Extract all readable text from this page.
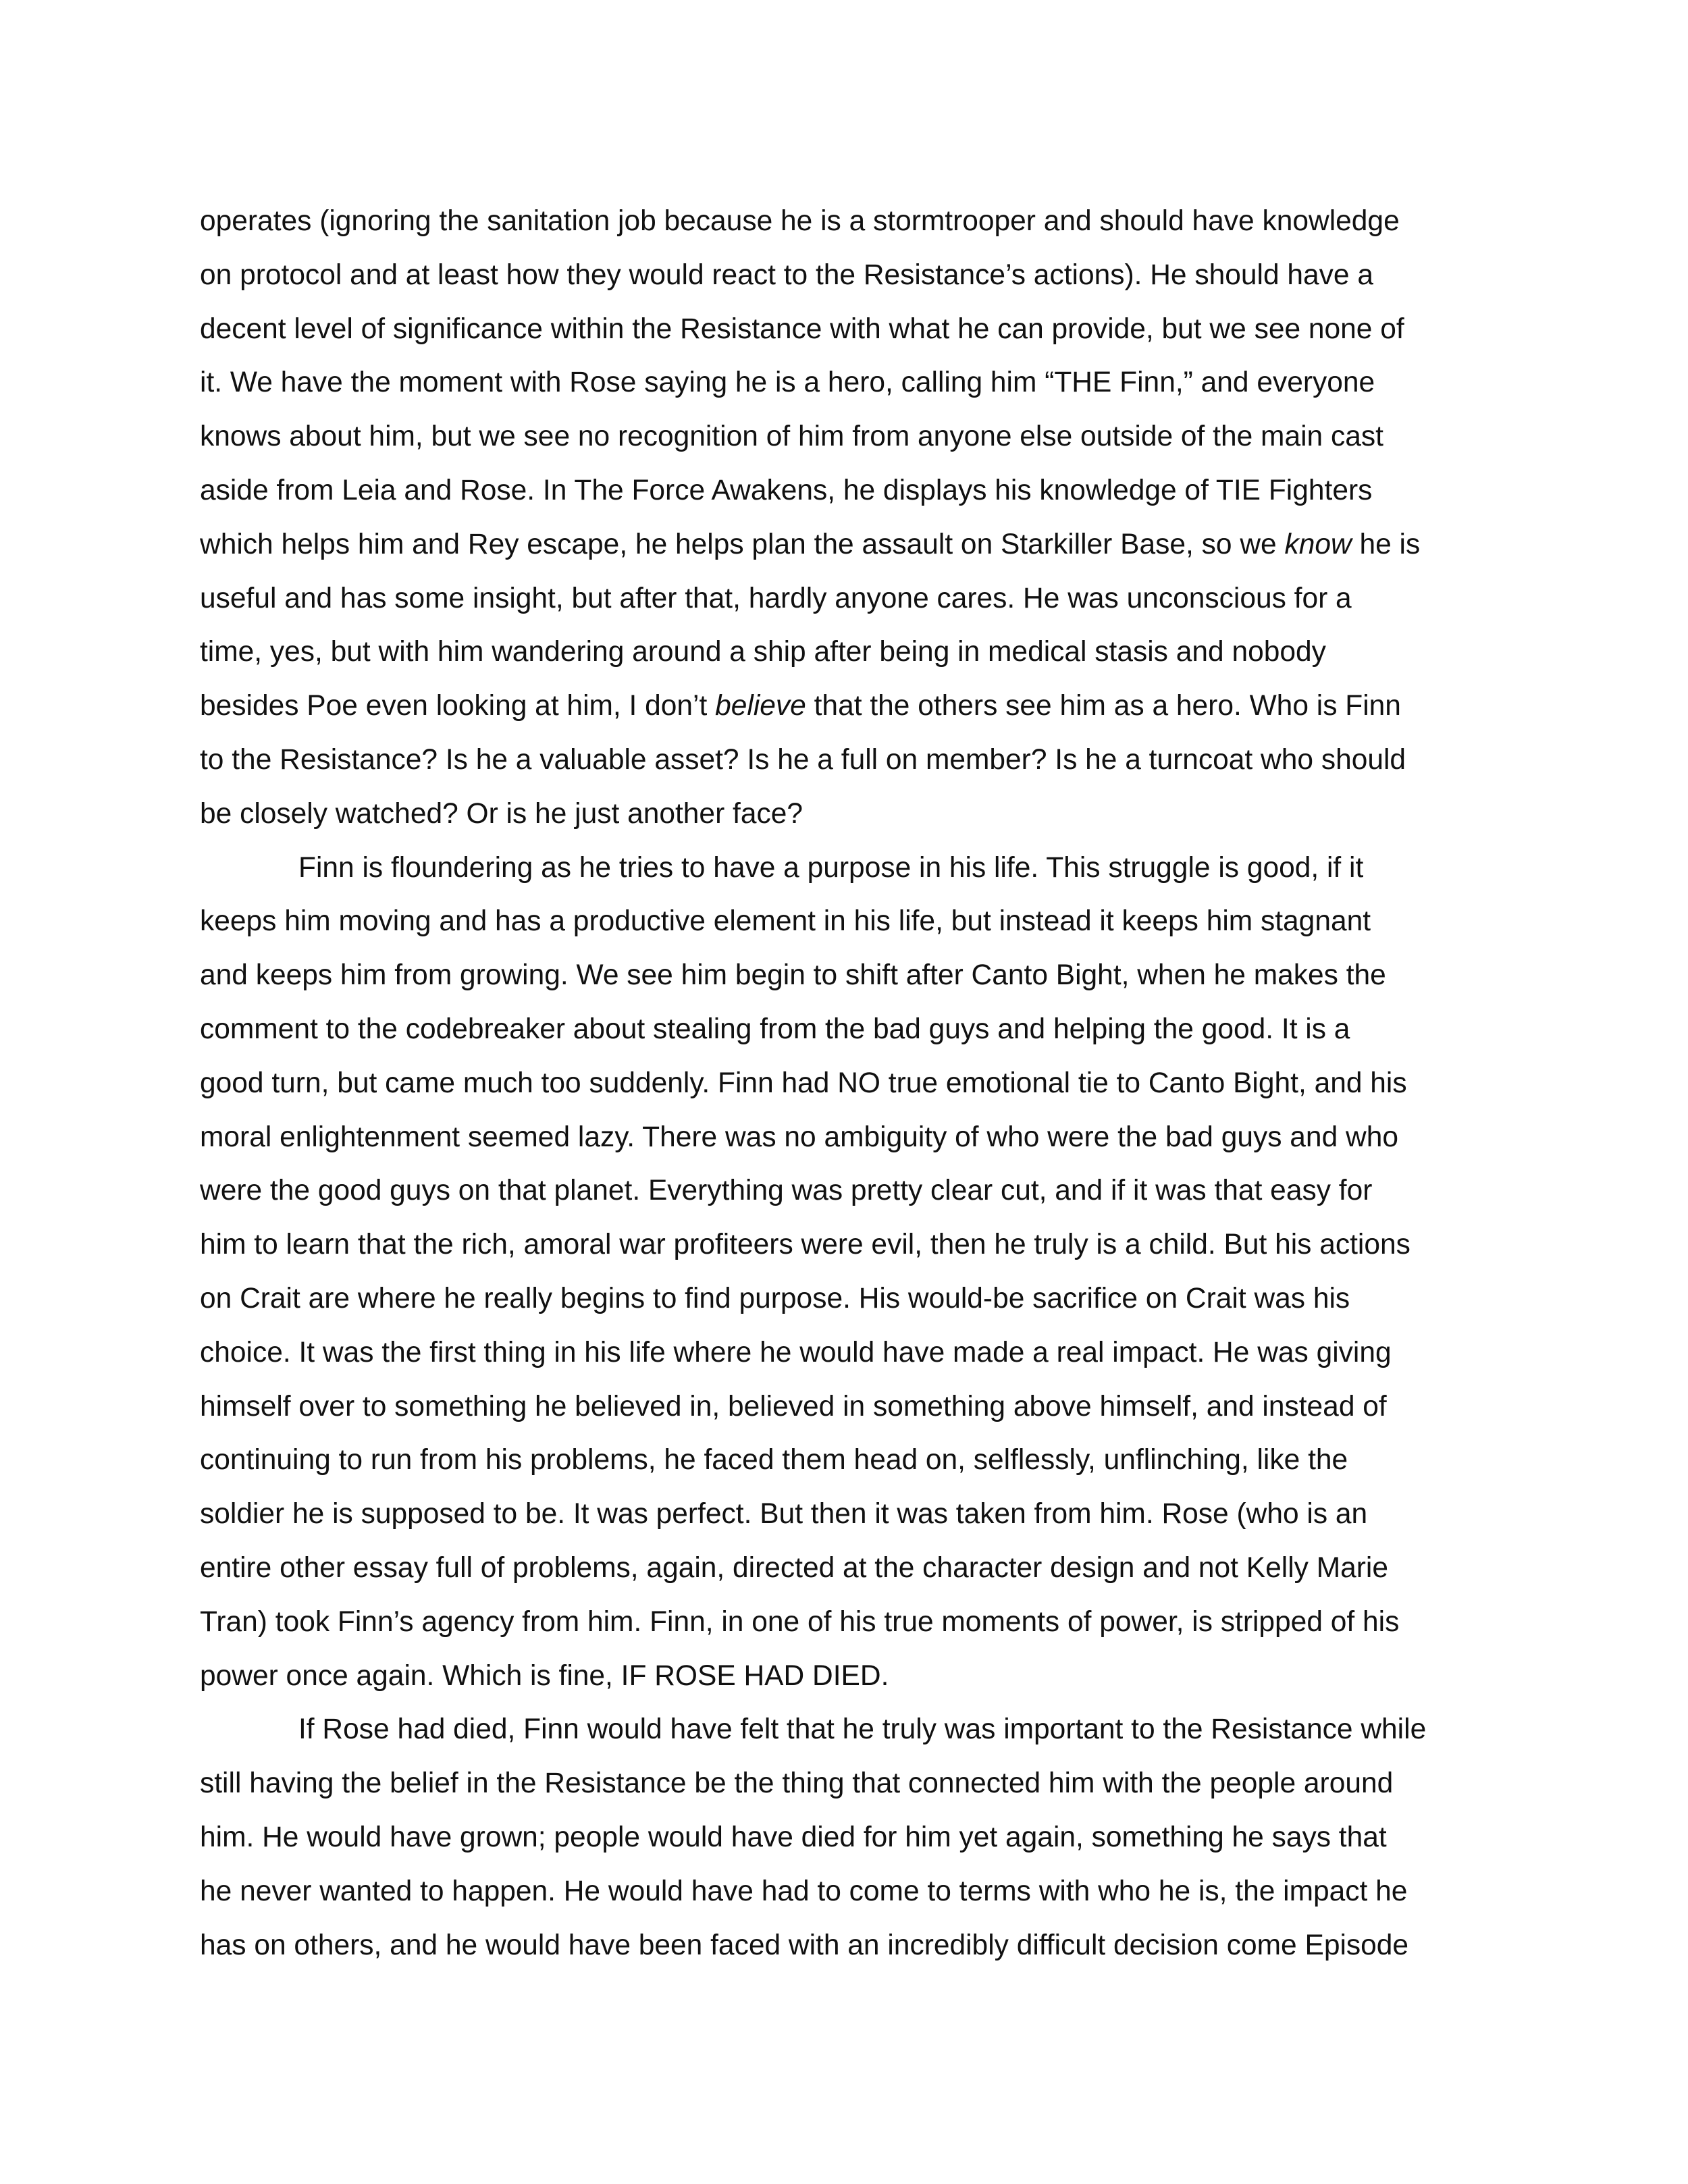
operates (ignoring the sanitation job because he is a stormtrooper and should have knowledge
on protocol and at least how they would react to the Resistance’s actions). He should have a
decent level of significance within the Resistance with what he can provide, but we see none of
it. We have the moment with Rose saying he is a hero, calling him “THE Finn,” and everyone
knows about him, but we see no recognition of him from anyone else outside of the main cast
aside from Leia and Rose. In The Force Awakens, he displays his knowledge of TIE Fighters
which helps him and Rey escape, he helps plan the assault on Starkiller Base, so we know he is
useful and has some insight, but after that, hardly anyone cares. He was unconscious for a
time, yes, but with him wandering around a ship after being in medical stasis and nobody
besides Poe even looking at him, I don’t believe that the others see him as a hero. Who is Finn
to the Resistance? Is he a valuable asset? Is he a full on member? Is he a turncoat who should
be closely watched? Or is he just another face?
Finn is floundering as he tries to have a purpose in his life. This struggle is good, if it
keeps him moving and has a productive element in his life, but instead it keeps him stagnant
and keeps him from growing. We see him begin to shift after Canto Bight, when he makes the
comment to the codebreaker about stealing from the bad guys and helping the good. It is a
good turn, but came much too suddenly. Finn had NO true emotional tie to Canto Bight, and his
moral enlightenment seemed lazy. There was no ambiguity of who were the bad guys and who
were the good guys on that planet. Everything was pretty clear cut, and if it was that easy for
him to learn that the rich, amoral war profiteers were evil, then he truly is a child. But his actions
on Crait are where he really begins to find purpose. His would-be sacrifice on Crait was his
choice. It was the first thing in his life where he would have made a real impact. He was giving
himself over to something he believed in, believed in something above himself, and instead of
continuing to run from his problems, he faced them head on, selflessly, unflinching, like the
soldier he is supposed to be. It was perfect. But then it was taken from him. Rose (who is an
entire other essay full of problems, again, directed at the character design and not Kelly Marie
Tran) took Finn’s agency from him. Finn, in one of his true moments of power, is stripped of his
power once again. Which is fine, IF ROSE HAD DIED.
If Rose had died, Finn would have felt that he truly was important to the Resistance while
still having the belief in the Resistance be the thing that connected him with the people around
him. He would have grown; people would have died for him yet again, something he says that
he never wanted to happen. He would have had to come to terms with who he is, the impact he
has on others, and he would have been faced with an incredibly difficult decision come Episode
